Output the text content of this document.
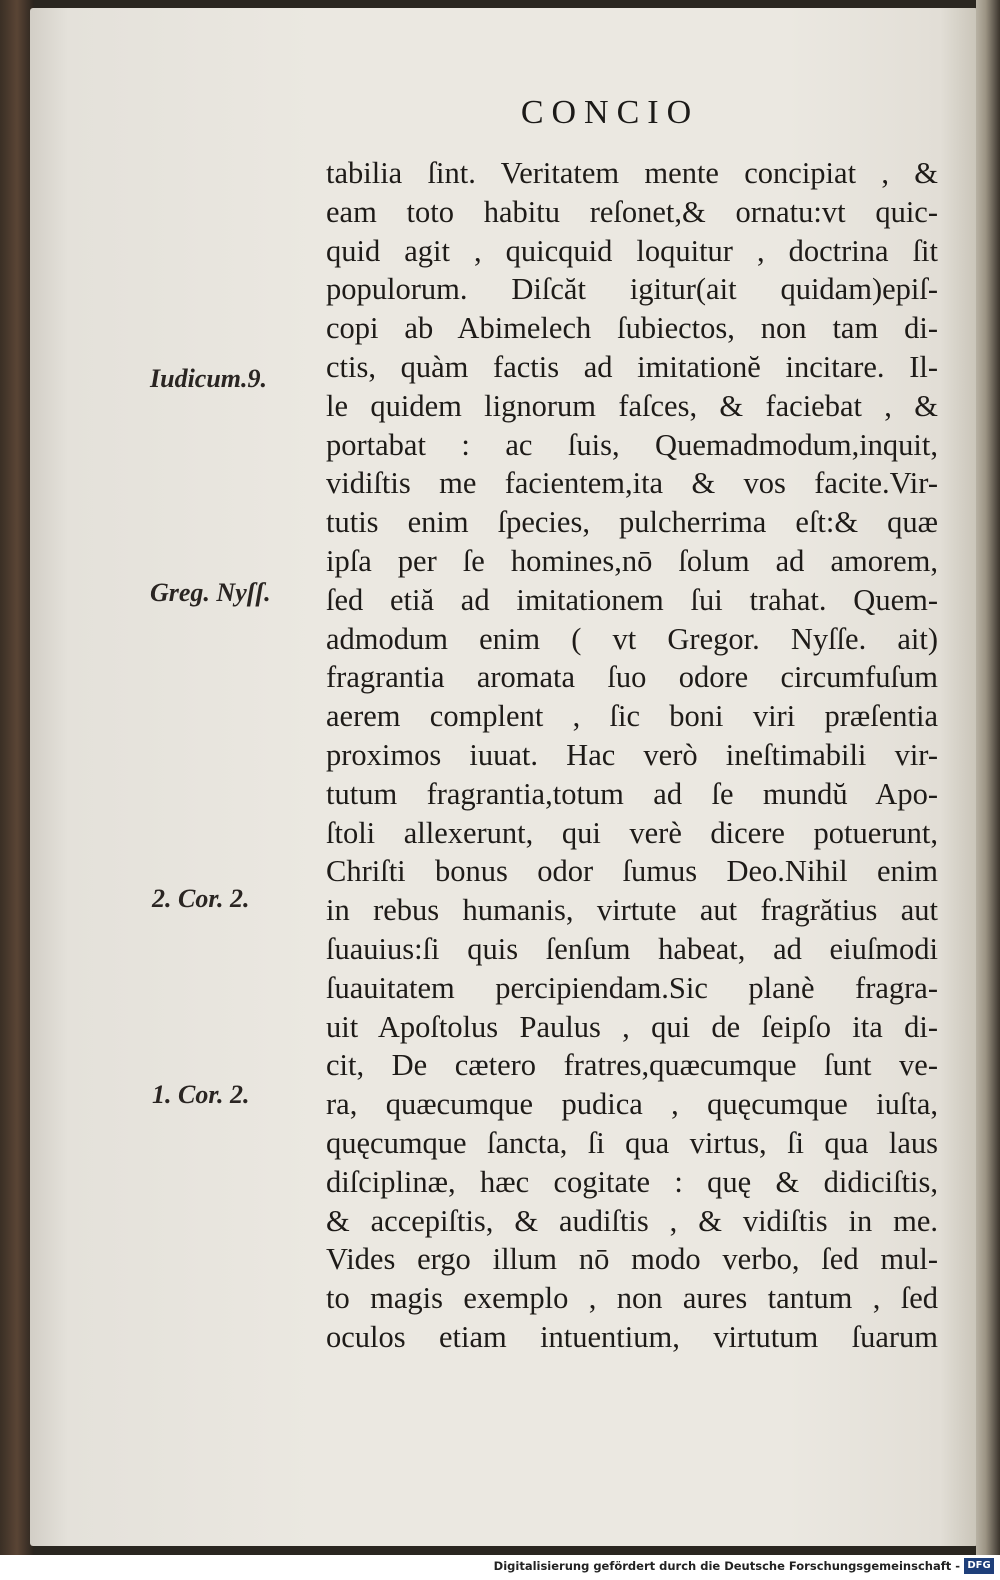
CONCIO
tabilia ſint. Veritatem mente concipiat , &
eam toto habitu reſonet,& ornatu:vt quic-
quid agit , quicquid loquitur , doctrina ſit
populorum. Diſcăt igitur(ait quidam)epiſ-
copi ab Abimelech ſubiectos, non tam di-
ctis, quàm factis ad imitationĕ incitare. Il-
le quidem lignorum faſces, & faciebat , &
portabat : ac ſuis, Quemadmodum,inquit,
vidiſtis me facientem,ita & vos facite.Vir-
tutis enim ſpecies, pulcherrima eſt:& quæ
ipſa per ſe homines,nō ſolum ad amorem,
ſed etiă ad imitationem ſui trahat. Quem-
admodum enim ( vt Gregor. Nyſſe. ait)
fragrantia aromata ſuo odore circumfuſum
aerem complent , ſic boni viri præſentia
proximos iuuat. Hac verò ineſtimabili vir-
tutum fragrantia,totum ad ſe mundŭ Apo-
ſtoli allexerunt, qui verè dicere potuerunt,
Chriſti bonus odor ſumus Deo.Nihil enim
in rebus humanis, virtute aut fragrătius aut
ſuauius:ſi quis ſenſum habeat, ad eiuſmodi
ſuauitatem percipiendam.Sic planè fragra-
uit Apoſtolus Paulus , qui de ſeipſo ita di-
cit, De cætero fratres,quæcumque ſunt ve-
ra, quæcumque pudica , quęcumque iuſta,
quęcumque ſancta, ſi qua virtus, ſi qua laus
diſciplinæ, hæc cogitate : quę & didiciſtis,
& accepiſtis, & audiſtis , & vidiſtis in me.
Vides ergo illum nō modo verbo, ſed mul-
to magis exemplo , non aures tantum , ſed
oculos etiam intuentium, virtutum ſuarum
Iudicum.9.
Greg. Nyſſ.
2. Cor. 2.
1. Cor. 2.
Digitalisierung gefördert durch die Deutsche Forschungsgemeinschaft - DFG
